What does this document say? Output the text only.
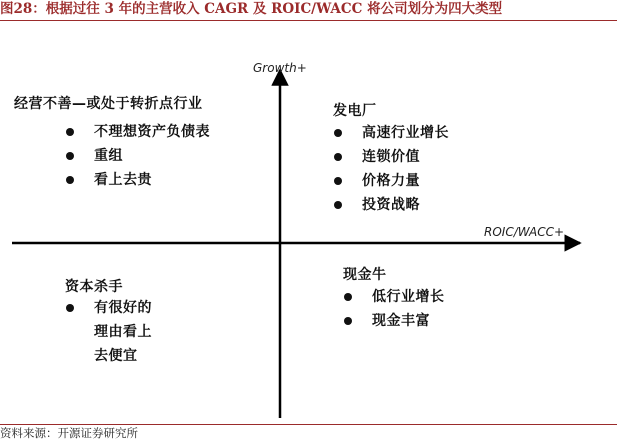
图28：根据过往 3 年的主营收入 CAGR 及 ROIC/WACC 将公司划分为四大类型
Growth+
ROIC/WACC+
经营不善—或处于转折点行业
不理想资产负债表
重组
看上去贵
发电厂
高速行业增长
连锁价值
价格力量
投资战略
资本杀手
有很好的
理由看上
去便宜
现金牛
低行业增长
现金丰富
资料来源：开源证券研究所
